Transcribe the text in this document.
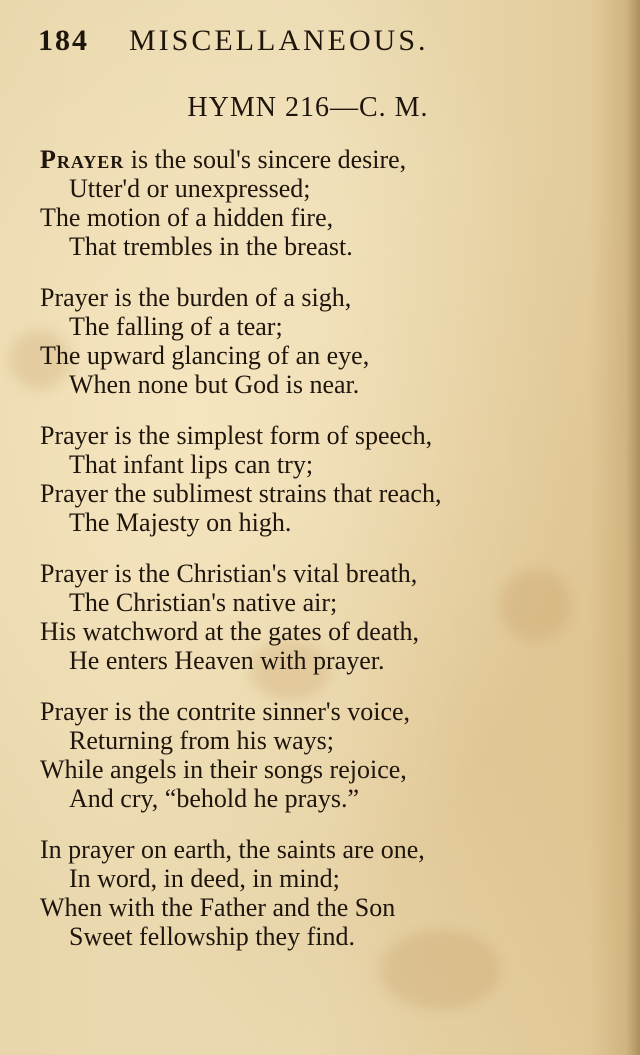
184 MISCELLANEOUS.
HYMN 216—C. M.
Prayer is the soul's sincere desire,
Utter'd or unexpressed;
The motion of a hidden fire,
That trembles in the breast.
Prayer is the burden of a sigh,
The falling of a tear;
The upward glancing of an eye,
When none but God is near.
Prayer is the simplest form of speech,
That infant lips can try;
Prayer the sublimest strains that reach,
The Majesty on high.
Prayer is the Christian's vital breath,
The Christian's native air;
His watchword at the gates of death,
He enters Heaven with prayer.
Prayer is the contrite sinner's voice,
Returning from his ways;
While angels in their songs rejoice,
And cry, “behold he prays.”
In prayer on earth, the saints are one,
In word, in deed, in mind;
When with the Father and the Son
Sweet fellowship they find.
